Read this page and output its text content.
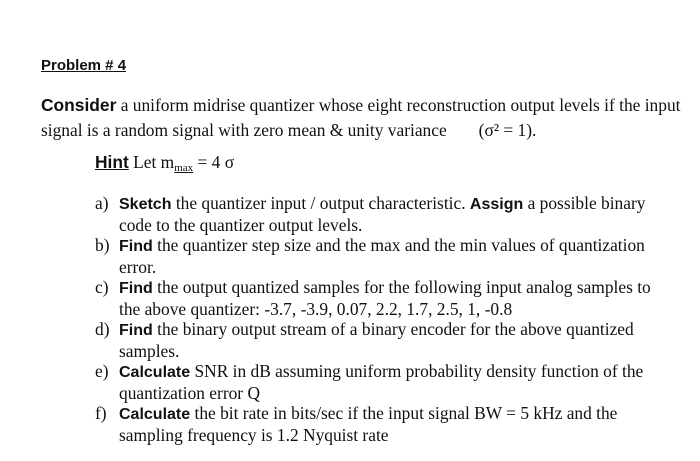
Problem # 4

Consider a uniform midrise quantizer whose eight reconstruction output levels if the input
signal is a random signal with zero mean & unity variance (σ² = 1).

Hint Let $m_{max} = 4$ σ

a) Sketch the quantizer input / output characteristic. Assign a possible binary code to the quantizer output levels.
b) Find the quantizer step size and the max and the min values of quantization error.
c) Find the output quantized samples for the following input analog samples to the above quantizer: -3.7, -3.9, 0.07, 2.2, 1.7, 2.5, 1, -0.8
d) Find the binary output stream of a binary encoder for the above quantized samples.
e) Calculate SNR in dB assuming uniform probability density function of the quantization error Q
f) Calculate the bit rate in bits/sec if the input signal BW = 5 kHz and the sampling frequency is 1.2 Nyquist rate
